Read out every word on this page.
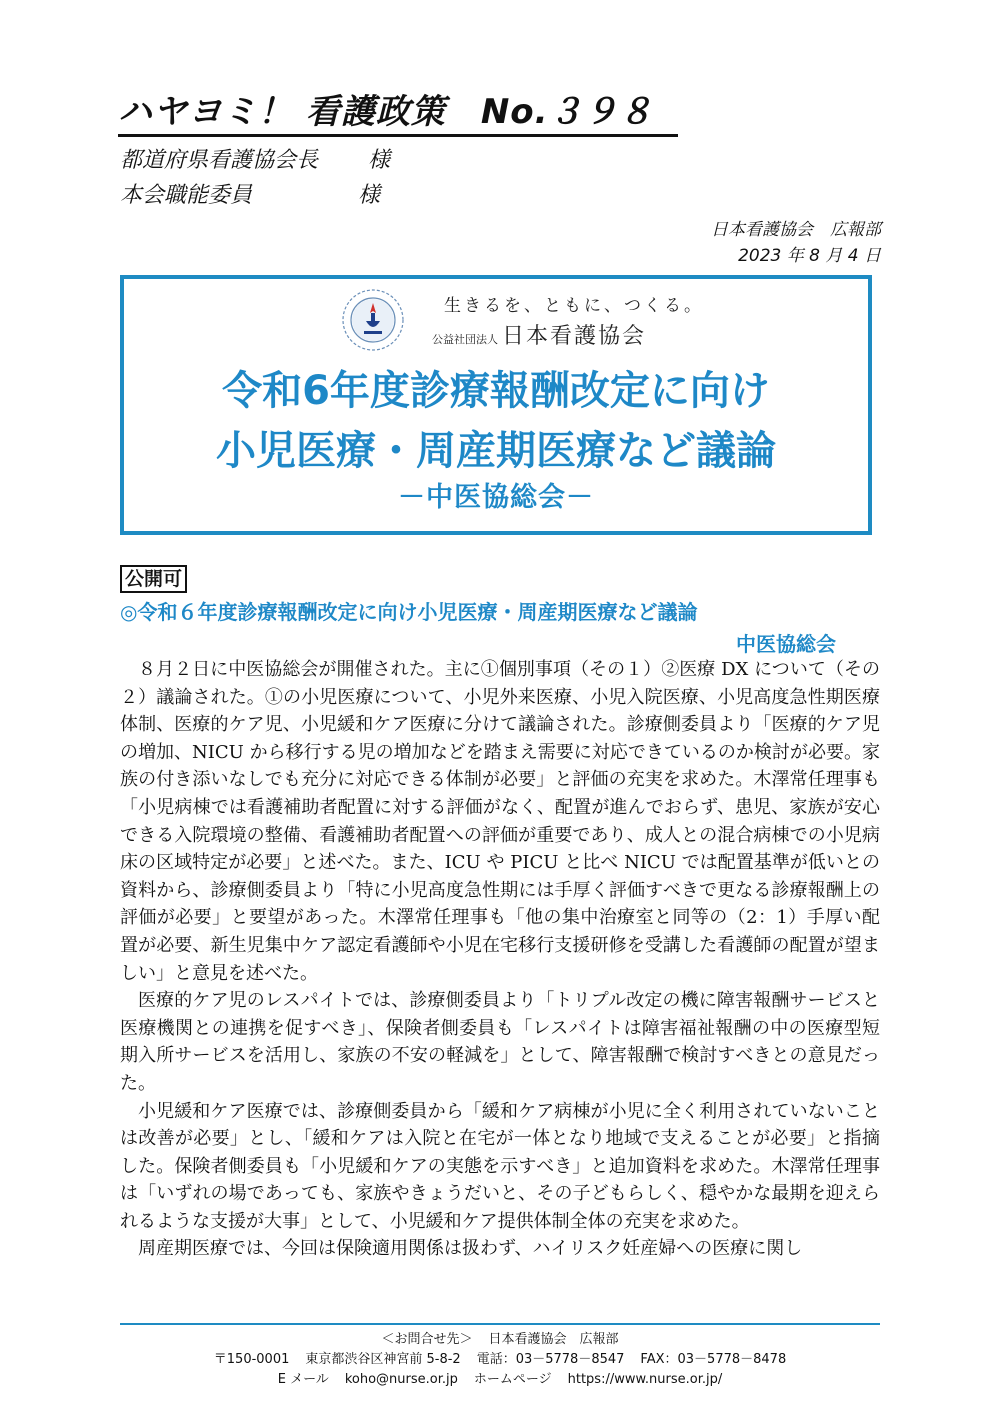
ハヤヨミ！ 看護政策　No.３９８
都道府県看護協会長 様
本会職能委員	様
日本看護協会　広報部
2023 年 8 月 4 日
生きるを、ともに、つくる。
公益社団法人 日本看護協会
令和6年度診療報酬改定に向け
小児医療・周産期医療など議論
－中医協総会－
公開可
◎令和６年度診療報酬改定に向け小児医療・周産期医療など議論
中医協総会

８月２日に中医協総会が開催された。主に①個別事項（その１）②医療 DX について（その２）議論された。①の小児医療について、小児外来医療、小児入院医療、小児高度急性期医療体制、医療的ケア児、小児緩和ケア医療に分けて議論された。診療側委員より「医療的ケア児の増加、NICU から移行する児の増加などを踏まえ需要に対応できているのか検討が必要。家族の付き添いなしでも充分に対応できる体制が必要」と評価の充実を求めた。木澤常任理事も「小児病棟では看護補助者配置に対する評価がなく、配置が進んでおらず、患児、家族が安心できる入院環境の整備、看護補助者配置への評価が重要であり、成人との混合病棟での小児病床の区域特定が必要」と述べた。また、ICU や PICU と比べ NICU では配置基準が低いとの資料から、診療側委員より「特に小児高度急性期には手厚く評価すべきで更なる診療報酬上の評価が必要」と要望があった。木澤常任理事も「他の集中治療室と同等の（2：1）手厚い配置が必要、新生児集中ケア認定看護師や小児在宅移行支援研修を受講した看護師の配置が望ましい」と意見を述べた。

医療的ケア児のレスパイトでは、診療側委員より「トリプル改定の機に障害報酬サービスと医療機関との連携を促すべき」、保険者側委員も「レスパイトは障害福祉報酬の中の医療型短期入所サービスを活用し、家族の不安の軽減を」として、障害報酬で検討すべきとの意見だった。

小児緩和ケア医療では、診療側委員から「緩和ケア病棟が小児に全く利用されていないことは改善が必要」とし、「緩和ケアは入院と在宅が一体となり地域で支えることが必要」と指摘した。保険者側委員も「小児緩和ケアの実態を示すべき」と追加資料を求めた。木澤常任理事は「いずれの場であっても、家族やきょうだいと、その子どもらしく、穏やかな最期を迎えられるような支援が大事」として、小児緩和ケア提供体制全体の充実を求めた。

周産期医療では、今回は保険適用関係は扱わず、ハイリスク妊産婦への医療に関し

＜お問合せ先＞ 日本看護協会　広報部
〒150-0001 東京都渋谷区神宮前 5-8-2 電話：03－5778－8547 FAX：03－5778－8478
E メール koho@nurse.or.jp ホームページ https://www.nurse.or.jp/
